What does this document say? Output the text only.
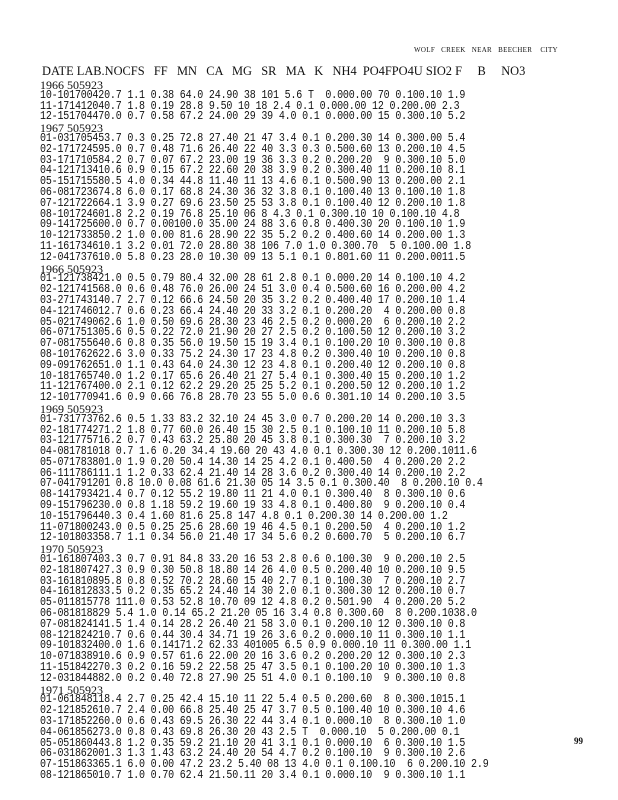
WOLF   CREEK   NEAR   BEECHER    CITY
DATE LAB.NOCFS   FF   MN   CA   MG   SR   MA   K   NH4  PO4FPO4U SIO2 F     B     NO3
1966 505923
10-101700420.7 1.1 0.38 64.0 24.90 38 101 5.6 T  0.000.00 70 0.100.10 1.9
11-171412040.7 1.8 0.19 28.8 9.50 10 18 2.4 0.1 0.000.00 12 0.200.00 2.3
12-151704470.0 0.7 0.58 67.2 24.00 29 39 4.0 0.1 0.000.00 15 0.300.10 5.2
1967 505923
01-031705453.7 0.3 0.25 72.8 27.40 21 47 3.4 0.1 0.200.30 14 0.300.00 5.4
02-171724595.0 0.7 0.48 71.6 26.40 22 40 3.3 0.3 0.500.60 13 0.200.10 4.5
03-171710584.2 0.7 0.07 67.2 23.00 19 36 3.3 0.2 0.200.20  9 0.300.10 5.0
04-121713410.6 0.9 0.15 67.2 22.60 20 38 3.9 0.2 0.300.40 11 0.200.10 8.1
05-151715580.5 4.0 0.34 44.8 11.40 11 13 4.6 0.1 0.500.90 13 0.200.00 2.1
06-081723674.8 6.0 0.17 68.8 24.30 36 32 3.8 0.1 0.100.40 13 0.100.10 1.8
07-121722664.1 3.9 0.27 69.6 23.50 25 53 3.8 0.1 0.100.40 12 0.200.10 1.8
08-101724601.8 2.2 0.19 76.8 25.10 06 8 4.3 0.1 0.300.10 10 0.100.10 4.8
09-141725600.0 0.7 0.00100.0 35.00 24 88 3.6 0.8 0.400.30 20 0.100.10 1.9
10-121733850.2 1.0 0.00 81.6 28.90 22 35 5.2 0.2 0.400.60 14 0.200.00 1.3
11-161734610.1 3.2 0.01 72.0 28.80 38 106 7.0 1.0 0.300.70  5 0.100.00 1.8
12-041737610.0 5.8 0.23 28.0 10.30 09 13 5.1 0.1 0.801.60 11 0.200.0011.5
1966 505923
01-121738421.0 0.5 0.79 80.4 32.00 28 61 2.8 0.1 0.000.20 14 0.100.10 4.2
02-121741568.0 0.6 0.48 76.0 26.00 24 51 3.0 0.4 0.500.60 16 0.200.00 4.2
03-271743140.7 2.7 0.12 66.6 24.50 20 35 3.2 0.2 0.400.40 17 0.200.10 1.4
04-121746012.7 0.6 0.23 66.4 24.40 20 33 3.2 0.1 0.200.20  4 0.200.00 0.8
05-021749062.6 1.0 0.50 69.6 28.30 23 46 2.5 0.2 0.000.20  6 0.200.10 2.2
06-071751305.6 0.5 0.22 72.0 21.90 20 27 2.5 0.2 0.100.50 12 0.200.10 3.2
07-081755640.6 0.8 0.35 56.0 19.50 15 19 3.4 0.1 0.100.20 10 0.300.10 0.8
08-101762622.6 3.0 0.33 75.2 24.30 17 23 4.8 0.2 0.300.40 10 0.200.10 0.8
09-091762651.0 1.1 0.43 64.0 24.30 12 23 4.8 0.1 0.200.40 12 0.200.10 0.8
10-181765740.0 1.2 0.17 65.6 26.40 21 27 5.4 0.1 0.300.40 15 0.200.10 1.2
11-121767400.0 2.1 0.12 62.2 29.20 25 25 5.2 0.1 0.200.50 12 0.200.10 1.2
12-101770941.6 0.9 0.66 76.8 28.70 23 55 5.0 0.6 0.301.10 14 0.200.10 3.5
1969 505923
01-731773762.6 0.5 1.33 83.2 32.10 24 45 3.0 0.7 0.200.20 14 0.200.10 3.3
02-181774271.2 1.8 0.77 60.0 26.40 15 30 2.5 0.1 0.100.10 11 0.200.10 5.8
03-121775716.2 0.7 0.43 63.2 25.80 20 45 3.8 0.1 0.300.30  7 0.200.10 3.2
04-081781018 0.7 1.6 0.20 34.4 19.60 20 43 4.0 0.1 0.300.30 12 0.200.1011.6
05-071783801.0 1.9 0.20 50.4 14.30 14 25 4.2 0.1 0.400.50  4 0.200.20 2.2
06-111786111.1 1.2 0.33 62.4 21.40 14 28 3.6 0.2 0.300.40 14 0.200.10 2.2
07-041791201 0.8 10.0 0.08 61.6 21.30 05 14 3.5 0.1 0.300.40  8 0.200.10 0.4
08-141793421.4 0.7 0.12 55.2 19.80 11 21 4.0 0.1 0.300.40  8 0.300.10 0.6
09-151796230.0 0.8 1.18 59.2 19.60 19 33 4.8 0.1 0.400.80  9 0.200.10 0.4
10-151796440.3 0.4 1.60 81.6 25.8 147 4.8 0.1 0.200.30 14 0.200.00 1.2
11-071800243.0 0.5 0.25 25.6 28.60 19 46 4.5 0.1 0.200.50  4 0.200.10 1.2
12-101803358.7 1.1 0.34 56.0 21.40 17 34 5.6 0.2 0.600.70  5 0.200.10 6.7
1970 505923
01-161807403.3 0.7 0.91 84.8 33.20 16 53 2.8 0.6 0.100.30  9 0.200.10 2.5
02-181807427.3 0.9 0.30 50.8 18.80 14 26 4.0 0.5 0.200.40 10 0.200.10 9.5
03-161810895.8 0.8 0.52 70.2 28.60 15 40 2.7 0.1 0.100.30  7 0.200.10 2.7
04-161812833.5 0.2 0.35 65.2 24.40 14 30 2.0 0.1 0.300.30 12 0.200.10 0.7
05-011815778 111.0 0.53 52.8 10.70 09 12 4.8 0.2 0.501.90  4 0.200.20 5.2
06-081818829 5.4 1.0 0.14 65.2 21.20 05 16 3.4 0.8 0.300.60  8 0.200.1038.0
07-081824141.5 1.4 0.14 28.2 26.40 21 58 3.0 0.1 0.200.10 12 0.300.10 0.8
08-121824210.7 0.6 0.44 30.4 34.71 19 26 3.6 0.2 0.000.10 11 0.300.10 1.1
09-101832400.0 1.6 0.14171.2 62.33 401005 6.5 0.9 0.000.10 11 0.300.00 1.1
10-071838910.6 0.9 0.57 61.6 22.00 20 16 3.6 0.2 0.200.20 12 0.300.10 2.3
11-151842270.3 0.2 0.16 59.2 22.58 25 47 3.5 0.1 0.100.20 10 0.300.10 1.3
12-031844882.0 0.2 0.40 72.8 27.90 25 51 4.0 0.1 0.100.10  9 0.300.10 0.8
1971 505923
01-061848118.4 2.7 0.25 42.4 15.10 11 22 5.4 0.5 0.200.60  8 0.300.1015.1
02-121852610.7 2.4 0.00 66.8 25.40 25 47 3.7 0.5 0.100.40 10 0.300.10 4.6
03-171852260.0 0.6 0.43 69.5 26.30 22 44 3.4 0.1 0.000.10  8 0.300.10 1.0
04-061856273.0 0.8 0.43 69.8 26.30 20 43 2.5 T  0.000.10  5 0.200.00 0.1
05-051860443.8 1.2 0.35 59.2 21.10 20 41 3.1 0.1 0.000.10  6 0.300.10 1.5
06-031862001.3 1.3 1.43 63.2 24.40 20 54 4.7 0.2 0.100.10  9 0.300.10 2.6
07-151863365.1 6.0 0.00 47.2 23.2 5.40 08 13 4.0 0.1 0.100.10  6 0.200.10 2.9
08-121865010.7 1.0 0.70 62.4 21.50.11 20 3.4 0.1 0.000.10  9 0.300.10 1.1
99
